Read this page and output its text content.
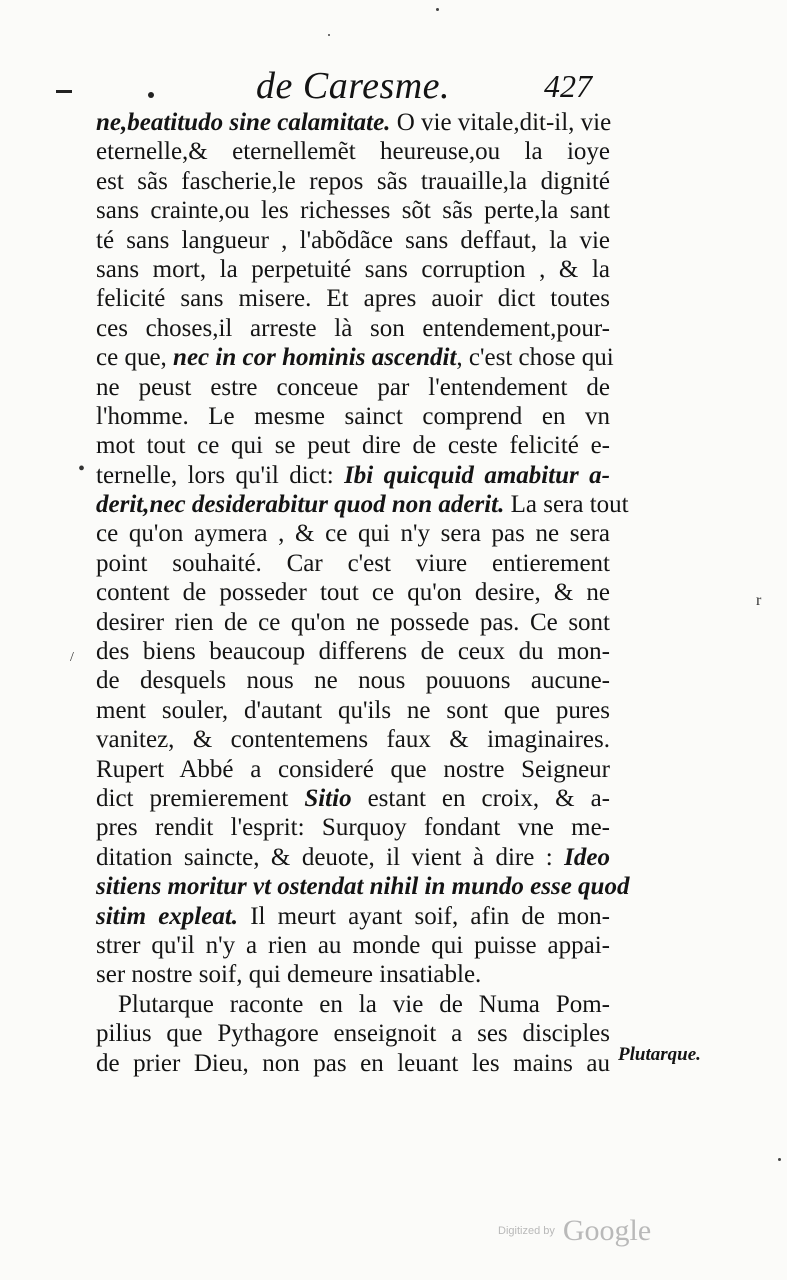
de Caresme.	427
ne,beatitudo sine calamitate. O vie vitale,dit-il, vie
eternelle,& eternellemẽt heureuse,ou la ioye
est sãs fascherie,le repos sãs trauaille,la dignité
sans crainte,ou les richesses sõt sãs perte,la sant
té sans langueur , l'abõdãce sans deffaut, la vie
sans mort, la perpetuité sans corruption , & la
felicité sans misere. Et apres auoir dict toutes
ces choses,il arreste là son entendement,pour-
ce que, nec in cor hominis ascendit, c'est chose qui
ne peust estre conceue par l'entendement de
l'homme. Le mesme sainct comprend en vn
mot tout ce qui se peut dire de ceste felicité e-
ternelle, lors qu'il dict: Ibi quicquid amabitur a-
derit,nec desiderabitur quod non aderit. La sera tout
ce qu'on aymera , & ce qui n'y sera pas ne sera
point souhaité. Car c'est viure entierement
content de posseder tout ce qu'on desire, & ne
desirer rien de ce qu'on ne possede pas. Ce sont
des biens beaucoup differens de ceux du mon-
de desquels nous ne nous pouuons aucune-
ment souler, d'autant qu'ils ne sont que pures
vanitez, & contentemens faux & imaginaires.
Rupert Abbé a consideré que nostre Seigneur
dict premierement Sitio estant en croix, & a-
pres rendit l'esprit: Surquoy fondant vne me-
ditation saincte, & deuote, il vient à dire : Ideo
sitiens moritur vt ostendat nihil in mundo esse quod
sitim expleat. Il meurt ayant soif, afin de mon-
strer qu'il n'y a rien au monde qui puisse appai-
ser nostre soif, qui demeure insatiable.
Plutarque raconte en la vie de Numa Pom-
pilius que Pythagore enseignoit a ses disciples
de prier Dieu, non pas en leuant les mains au Plutarque.
•
r
/
Digitized by Google
